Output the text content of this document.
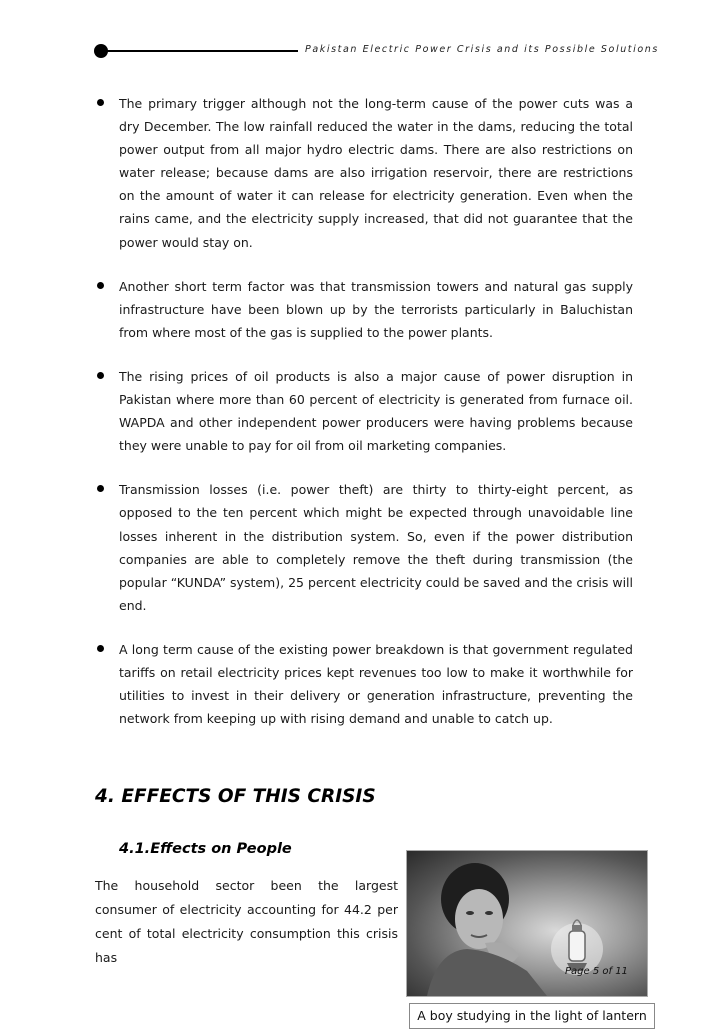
Pakistan Electric Power Crisis and its Possible Solutions
The primary trigger although not the long-term cause of the power cuts was a dry December. The low rainfall reduced the water in the dams, reducing the total power output from all major hydro electric dams. There are also restrictions on water release; because dams are also irrigation reservoir, there are restrictions on the amount of water it can release for electricity generation. Even when the rains came, and the electricity supply increased, that did not guarantee that the power would stay on.
Another short term factor was that transmission towers and natural gas supply infrastructure have been blown up by the terrorists particularly in Baluchistan from where most of the gas is supplied to the power plants.
The rising prices of oil products is also a major cause of power disruption in Pakistan where more than 60 percent of electricity is generated from furnace oil. WAPDA and other independent power producers were having problems because they were unable to pay for oil from oil marketing companies.
Transmission losses (i.e. power theft) are thirty to thirty-eight percent, as opposed to the ten percent which might be expected through unavoidable line losses inherent in the distribution system. So, even if the power distribution companies are able to completely remove the theft during transmission (the popular “KUNDA” system), 25 percent electricity could be saved and the crisis will end.
A long term cause of the existing power breakdown is that government regulated tariffs on retail electricity prices kept revenues too low to make it worthwhile for utilities to invest in their delivery or generation infrastructure, preventing the network from keeping up with rising demand and unable to catch up.
4. EFFECTS OF THIS CRISIS
4.1.Effects on People
The household sector been the largest consumer of electricity accounting for 44.2 per cent of total electricity consumption this crisis has
Page 5 of 11
A boy studying in the light of lantern
